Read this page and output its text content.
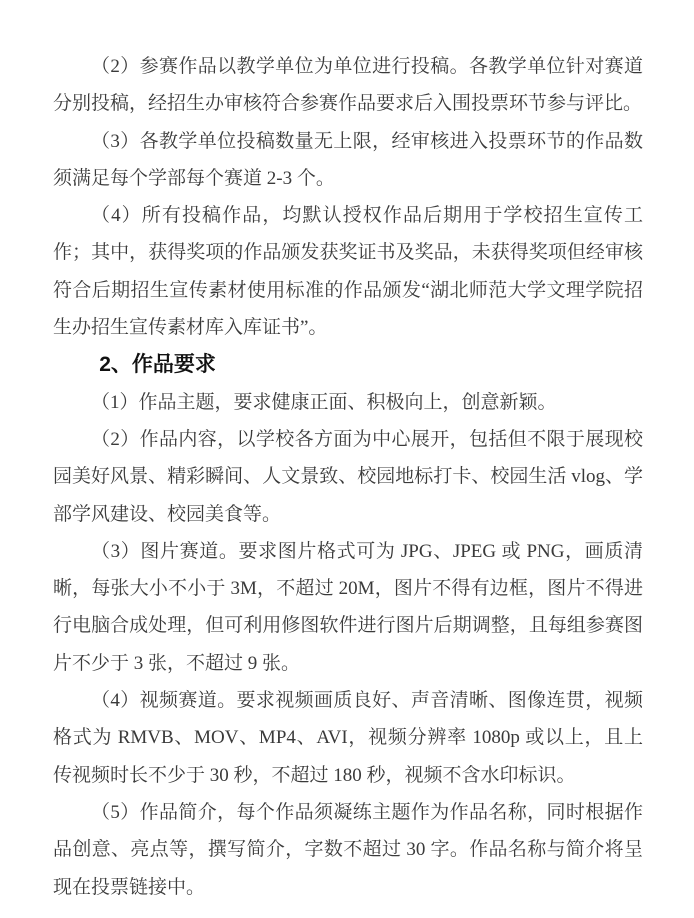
（2）参赛作品以教学单位为单位进行投稿。各教学单位针对赛道分别投稿，经招生办审核符合参赛作品要求后入围投票环节参与评比。

（3）各教学单位投稿数量无上限，经审核进入投票环节的作品数须满足每个学部每个赛道 2-3 个。

（4）所有投稿作品，均默认授权作品后期用于学校招生宣传工作；其中，获得奖项的作品颁发获奖证书及奖品，未获得奖项但经审核符合后期招生宣传素材使用标准的作品颁发“湖北师范大学文理学院招生办招生宣传素材库入库证书”。

2、作品要求

（1）作品主题，要求健康正面、积极向上，创意新颖。

（2）作品内容，以学校各方面为中心展开，包括但不限于展现校园美好风景、精彩瞬间、人文景致、校园地标打卡、校园生活 vlog、学部学风建设、校园美食等。

（3）图片赛道。要求图片格式可为 JPG、JPEG 或 PNG，画质清晰，每张大小不小于 3M，不超过 20M，图片不得有边框，图片不得进行电脑合成处理，但可利用修图软件进行图片后期调整，且每组参赛图片不少于 3 张，不超过 9 张。

（4）视频赛道。要求视频画质良好、声音清晰、图像连贯，视频格式为 RMVB、MOV、MP4、AVI，视频分辨率 1080p 或以上，且上传视频时长不少于 30 秒，不超过 180 秒，视频不含水印标识。

（5）作品简介，每个作品须凝练主题作为作品名称，同时根据作品创意、亮点等，撰写简介，字数不超过 30 字。作品名称与简介将呈现在投票链接中。
